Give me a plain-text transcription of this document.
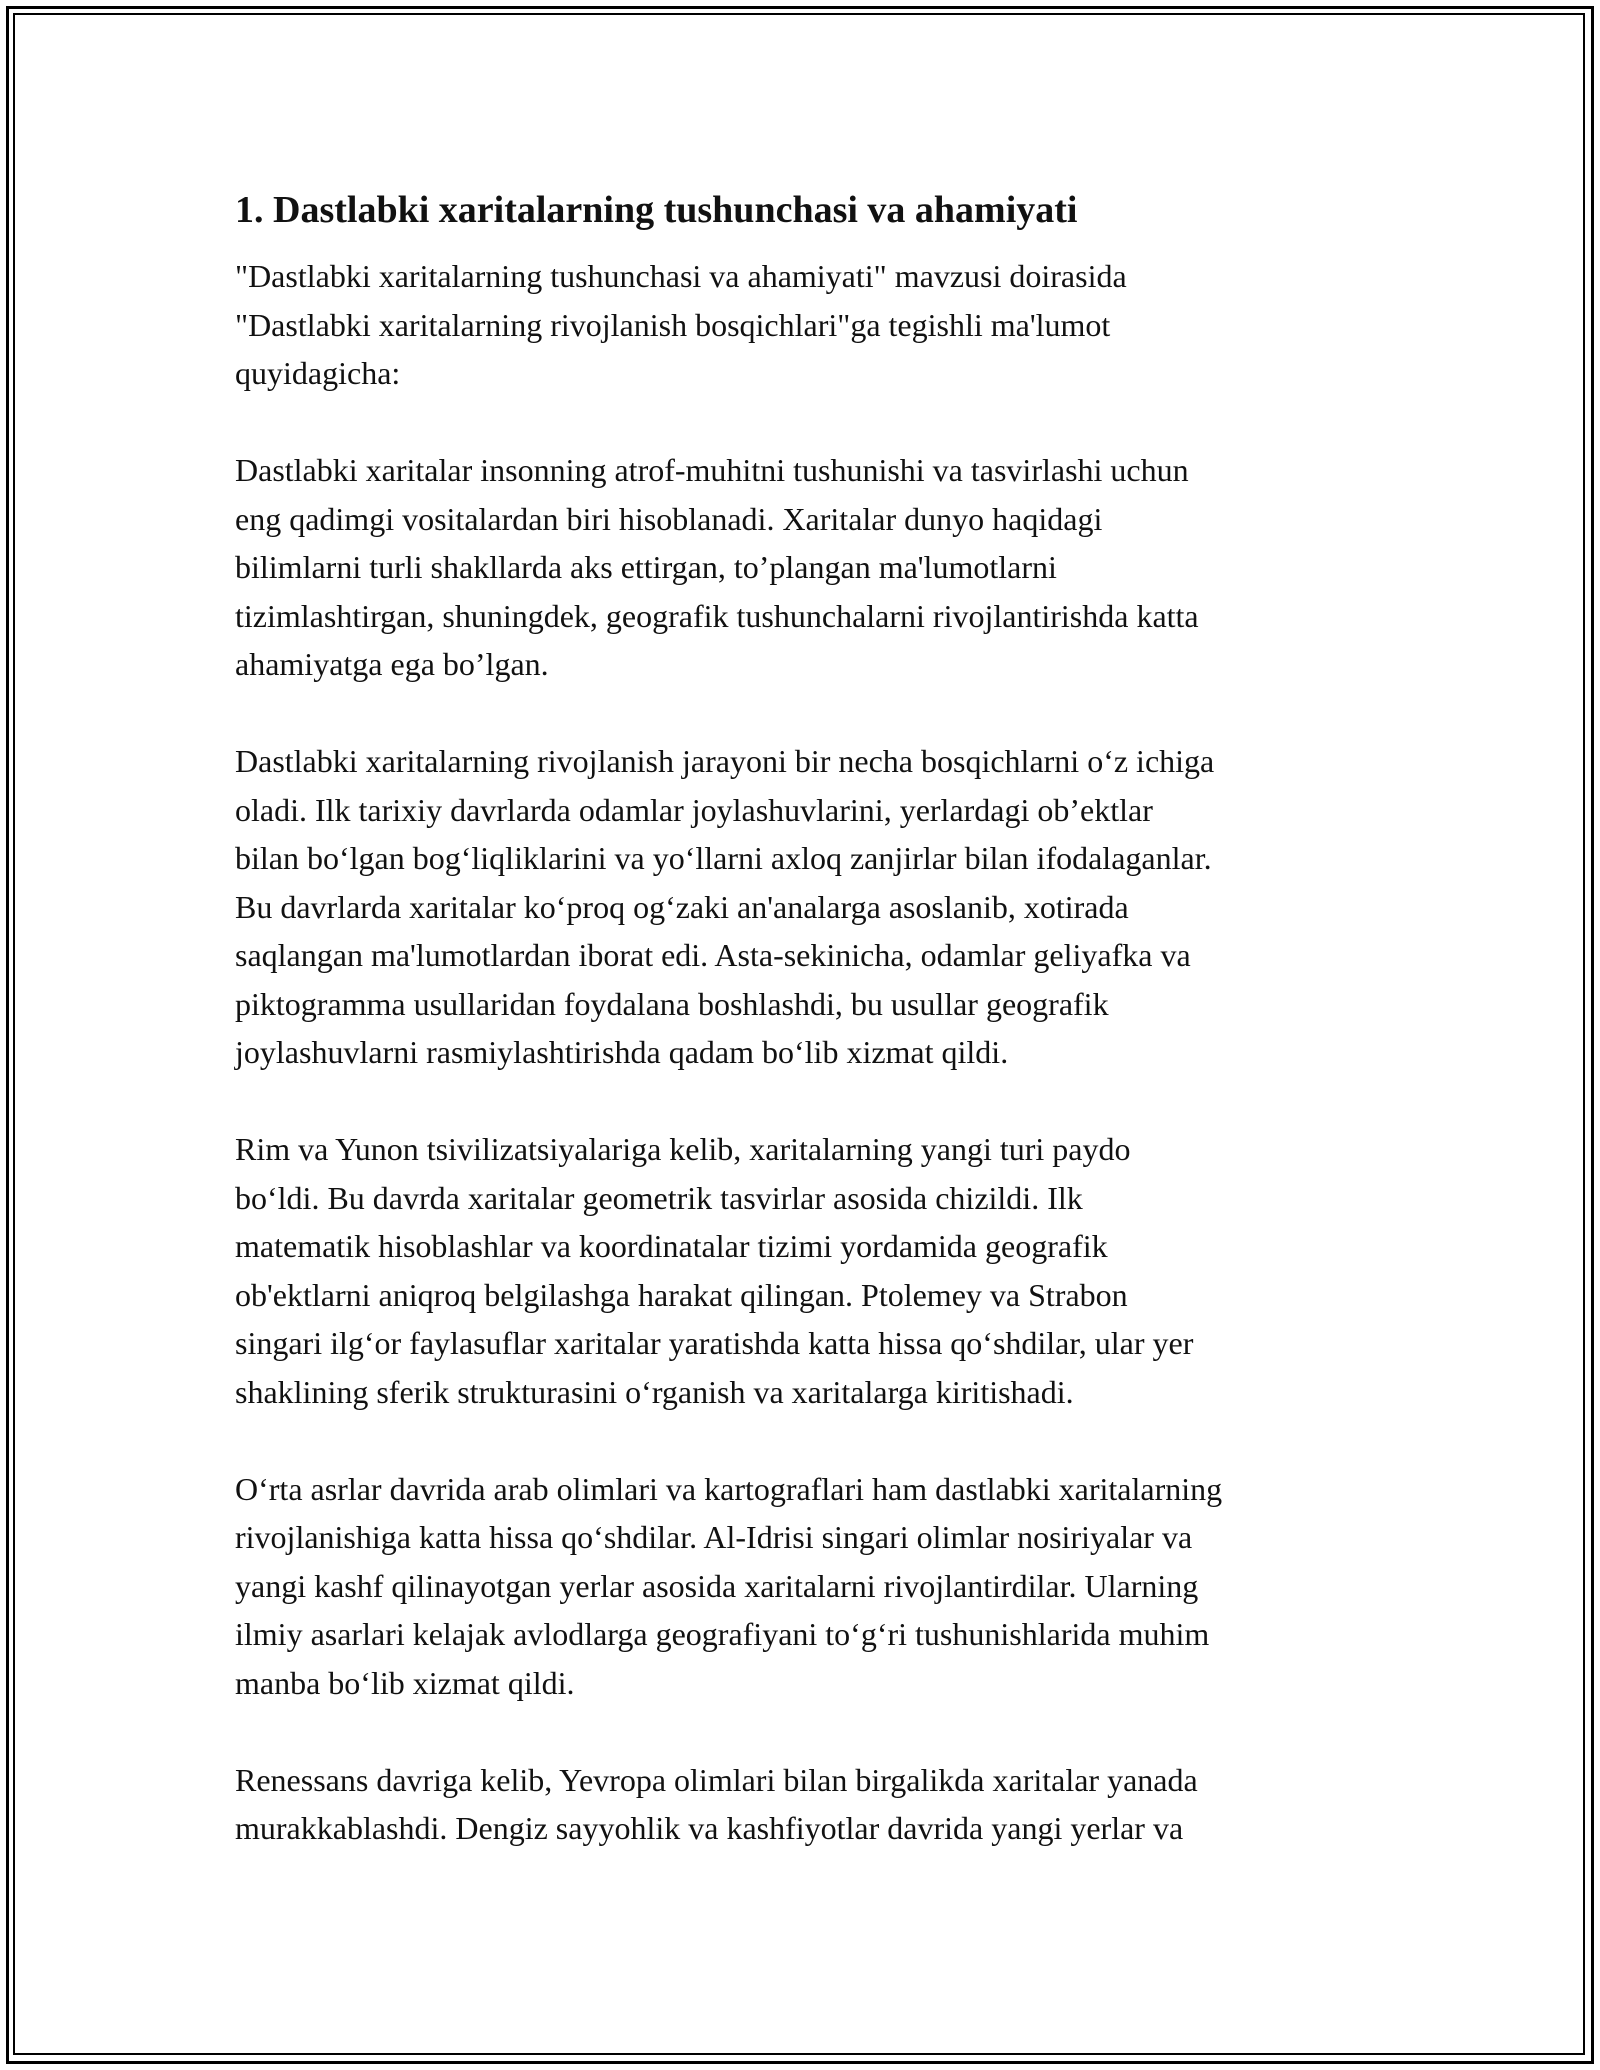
1. Dastlabki xaritalarning tushunchasi va ahamiyati

"Dastlabki xaritalarning tushunchasi va ahamiyati" mavzusi doirasida
"Dastlabki xaritalarning rivojlanish bosqichlari"ga tegishli ma'lumot
quyidagicha:

Dastlabki xaritalar insonning atrof-muhitni tushunishi va tasvirlashi uchun
eng qadimgi vositalardan biri hisoblanadi. Xaritalar dunyo haqidagi
bilimlarni turli shakllarda aks ettirgan, to’plangan ma'lumotlarni
tizimlashtirgan, shuningdek, geografik tushunchalarni rivojlantirishda katta
ahamiyatga ega bo’lgan.

Dastlabki xaritalarning rivojlanish jarayoni bir necha bosqichlarni oʻz ichiga
oladi. Ilk tarixiy davrlarda odamlar joylashuvlarini, yerlardagi ob’ektlar
bilan boʻlgan bogʻliqliklarini va yoʻllarni axloq zanjirlar bilan ifodalaganlar.
Bu davrlarda xaritalar koʻproq ogʻzaki an'analarga asoslanib, xotirada
saqlangan ma'lumotlardan iborat edi. Asta-sekinicha, odamlar geliyafka va
piktogramma usullaridan foydalana boshlashdi, bu usullar geografik
joylashuvlarni rasmiylashtirishda qadam boʻlib xizmat qildi.

Rim va Yunon tsivilizatsiyalariga kelib, xaritalarning yangi turi paydo
boʻldi. Bu davrda xaritalar geometrik tasvirlar asosida chizildi. Ilk
matematik hisoblashlar va koordinatalar tizimi yordamida geografik
ob'ektlarni aniqroq belgilashga harakat qilingan. Ptolemey va Strabon
singari ilgʻor faylasuflar xaritalar yaratishda katta hissa qoʻshdilar, ular yer
shaklining sferik strukturasini oʻrganish va xaritalarga kiritishadi.

Oʻrta asrlar davrida arab olimlari va kartograflari ham dastlabki xaritalarning
rivojlanishiga katta hissa qoʻshdilar. Al-Idrisi singari olimlar nosiriyalar va
yangi kashf qilinayotgan yerlar asosida xaritalarni rivojlantirdilar. Ularning
ilmiy asarlari kelajak avlodlarga geografiyani toʻgʻri tushunishlarida muhim
manba boʻlib xizmat qildi.

Renessans davriga kelib, Yevropa olimlari bilan birgalikda xaritalar yanada
murakkablashdi. Dengiz sayyohlik va kashfiyotlar davrida yangi yerlar va
